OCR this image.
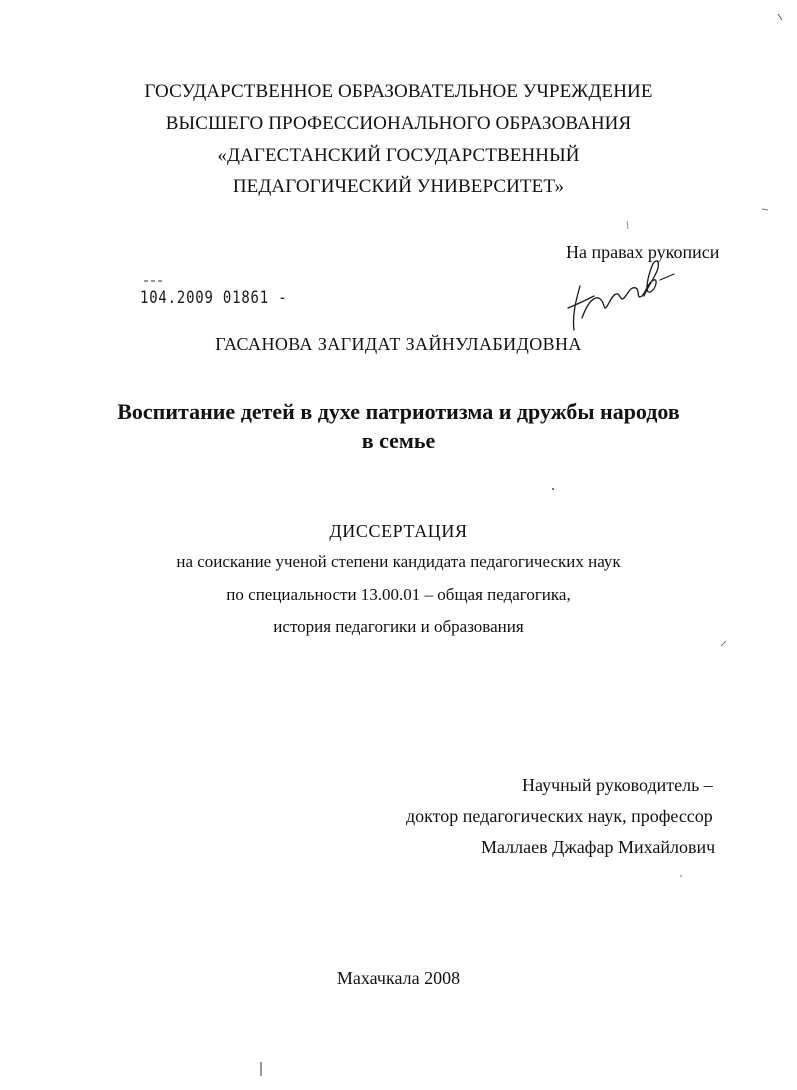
ГОСУДАРСТВЕННОЕ ОБРАЗОВАТЕЛЬНОЕ УЧРЕЖДЕНИЕ
ВЫСШЕГО ПРОФЕССИОНАЛЬНОГО ОБРАЗОВАНИЯ
«ДАГЕСТАНСКИЙ ГОСУДАРСТВЕННЫЙ
ПЕДАГОГИЧЕСКИЙ УНИВЕРСИТЕТ»
На правах рукописи
104.2009 01861 -
ГАСАНОВА ЗАГИДАТ ЗАЙНУЛАБИДОВНА
Воспитание детей в духе патриотизма и дружбы народов
в семье
ДИССЕРТАЦИЯ
на соискание ученой степени кандидата педагогических наук
по специальности 13.00.01 – общая педагогика,
история педагогики и образования
Научный руководитель –
доктор педагогических наук, профессор
Маллаев Джафар Михайлович
Махачкала 2008
